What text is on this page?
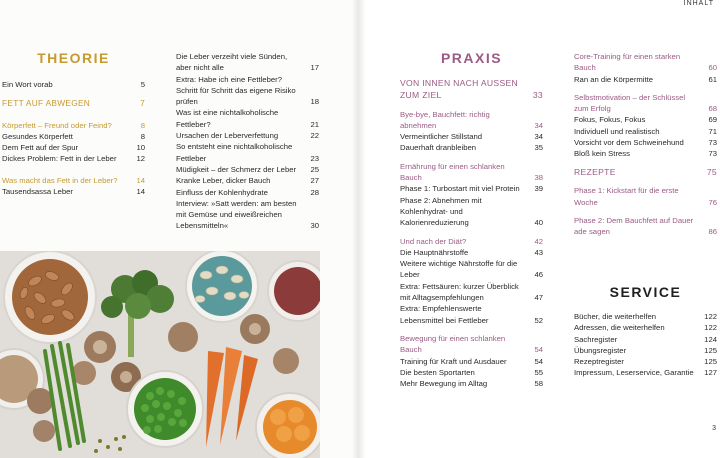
INHALT
THEORIE
Ein Wort vorab	5
FETT AUF ABWEGEN	7
Körperfett – Freund oder Feind?	8
Gesundes Körperfett	8
Dem Fett auf der Spur	10
Dickes Problem: Fett in der Leber	12
Was macht das Fett in der Leber?	14
Tausendsassa Leber	14
Die Leber verzeiht viele Sünden, aber nicht alle	17
Extra: Habe ich eine Fettleber? Schritt für Schritt das eigene Risiko prüfen	18
Was ist eine nichtalkoholische Fettleber?	21
Ursachen der Leberverfettung	22
So entsteht eine nichtalkoholische Fettleber	23
Müdigkeit – der Schmerz der Leber	25
Kranke Leber, dicker Bauch	27
Einfluss der Kohlenhydrate	28
Interview: »Satt werden: am besten mit Gemüse und eiweißreichen Lebensmitteln«	30
PRAXIS
VON INNEN NACH AUSSEN ZUM ZIEL	33
Bye-bye, Bauchfett: richtig abnehmen	34
Vermeintlicher Stillstand	34
Dauerhaft dranbleiben	35
Ernährung für einen schlanken Bauch	38
Phase 1: Turbostart mit viel Protein	39
Phase 2: Abnehmen mit Kohlenhydrat- und Kalorienreduzierung	40
Und nach der Diät?	42
Die Hauptnährstoffe	43
Weitere wichtige Nährstoffe für die Leber	46
Extra: Fettsäuren: kurzer Überblick mit Alltagsempfehlungen	47
Extra: Empfehlenswerte Lebensmittel bei Fettleber	52
Bewegung für einen schlanken Bauch	54
Training für Kraft und Ausdauer	54
Die besten Sportarten	55
Mehr Bewegung im Alltag	58
Core-Training für einen starken Bauch	60
Ran an die Körpermitte	61
Selbstmotivation – der Schlüssel zum Erfolg	68
Fokus, Fokus, Fokus	69
Individuell und realistisch	71
Vorsicht vor dem Schweinehund	73
Bloß kein Stress	73
REZEPTE	75
Phase 1: Kickstart für die erste Woche	76
Phase 2: Dem Bauchfett auf Dauer ade sagen	86
SERVICE
Bücher, die weiterhelfen	122
Adressen, die weiterhelfen	122
Sachregister	124
Übungsregister	125
Rezeptregister	125
Impressum, Leserservice, Garantie	127
3
